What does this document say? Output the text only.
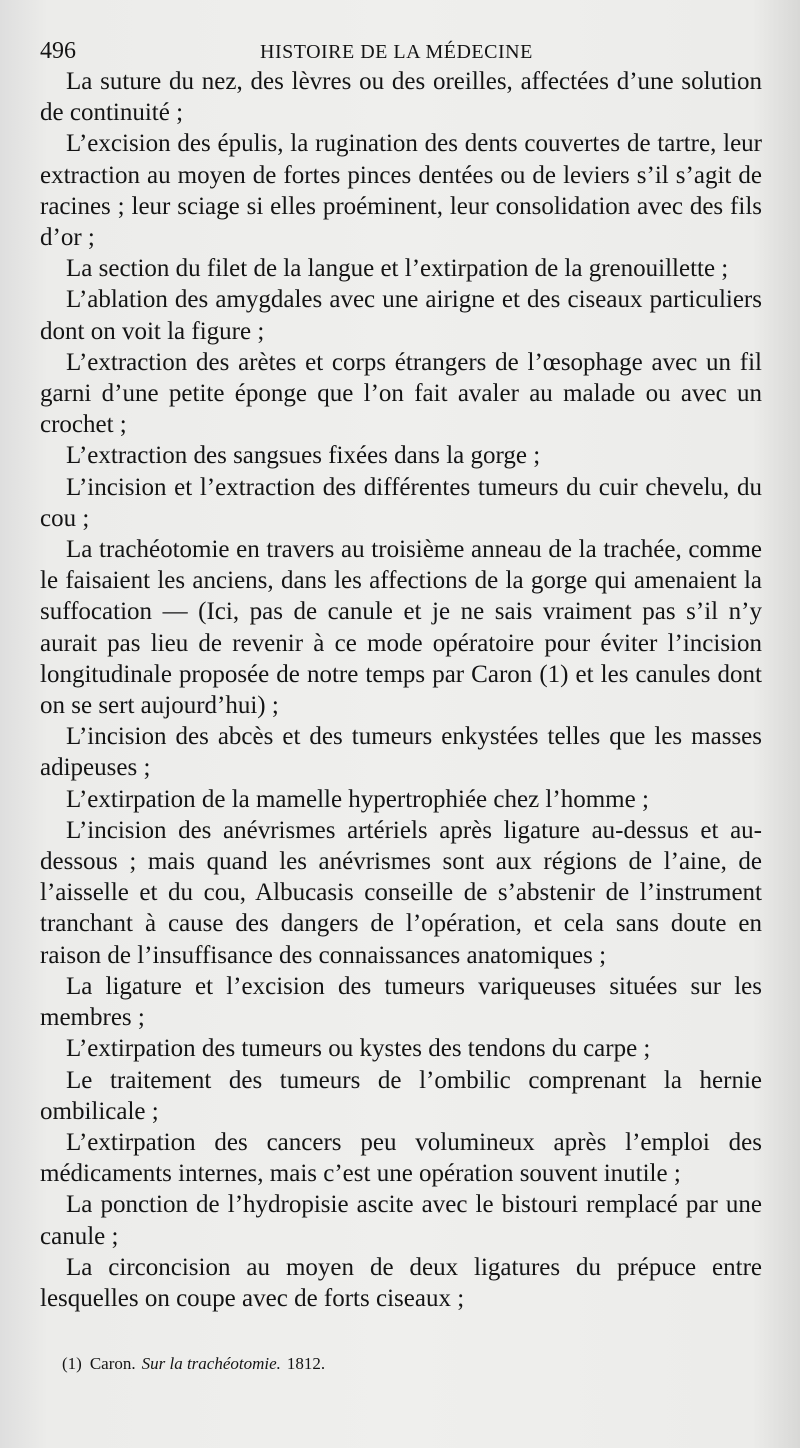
496	HISTOIRE DE LA MÉDECINE

La suture du nez, des lèvres ou des oreilles, affectées d’une solution de continuité ;

L’excision des épulis, la rugination des dents couvertes de tartre, leur extraction au moyen de fortes pinces dentées ou de leviers s’il s’agit de racines ; leur sciage si elles proéminent, leur consolidation avec des fils d’or ;

La section du filet de la langue et l’extirpation de la grenouillette ;

L’ablation des amygdales avec une airigne et des ciseaux particuliers dont on voit la figure ;

L’extraction des arètes et corps étrangers de l’œsophage avec un fil garni d’une petite éponge que l’on fait avaler au malade ou avec un crochet ;

L’extraction des sangsues fixées dans la gorge ;

L’incision et l’extraction des différentes tumeurs du cuir chevelu, du cou ;

La trachéotomie en travers au troisième anneau de la trachée, comme le faisaient les anciens, dans les affections de la gorge qui amenaient la suffocation — (Ici, pas de canule et je ne sais vraiment pas s’il n’y aurait pas lieu de revenir à ce mode opératoire pour éviter l’incision longitudinale proposée de notre temps par Caron (1) et les canules dont on se sert aujourd’hui) ;

L’incision des abcès et des tumeurs enkystées telles que les masses adipeuses ;

L’extirpation de la mamelle hypertrophiée chez l’homme ;

L’incision des anévrismes artériels après ligature au-dessus et au-dessous ; mais quand les anévrismes sont aux régions de l’aine, de l’aisselle et du cou, Albucasis conseille de s’abstenir de l’instrument tranchant à cause des dangers de l’opération, et cela sans doute en raison de l’insuffisance des connaissances anatomiques ;

La ligature et l’excision des tumeurs variqueuses situées sur les membres ;

L’extirpation des tumeurs ou kystes des tendons du carpe ;

Le traitement des tumeurs de l’ombilic comprenant la hernie ombilicale ;

L’extirpation des cancers peu volumineux après l’emploi des médicaments internes, mais c’est une opération souvent inutile ;

La ponction de l’hydropisie ascite avec le bistouri remplacé par une canule ;

La circoncision au moyen de deux ligatures du prépuce entre lesquelles on coupe avec de forts ciseaux ;

(1) Caron. Sur la trachéotomie. 1812.
